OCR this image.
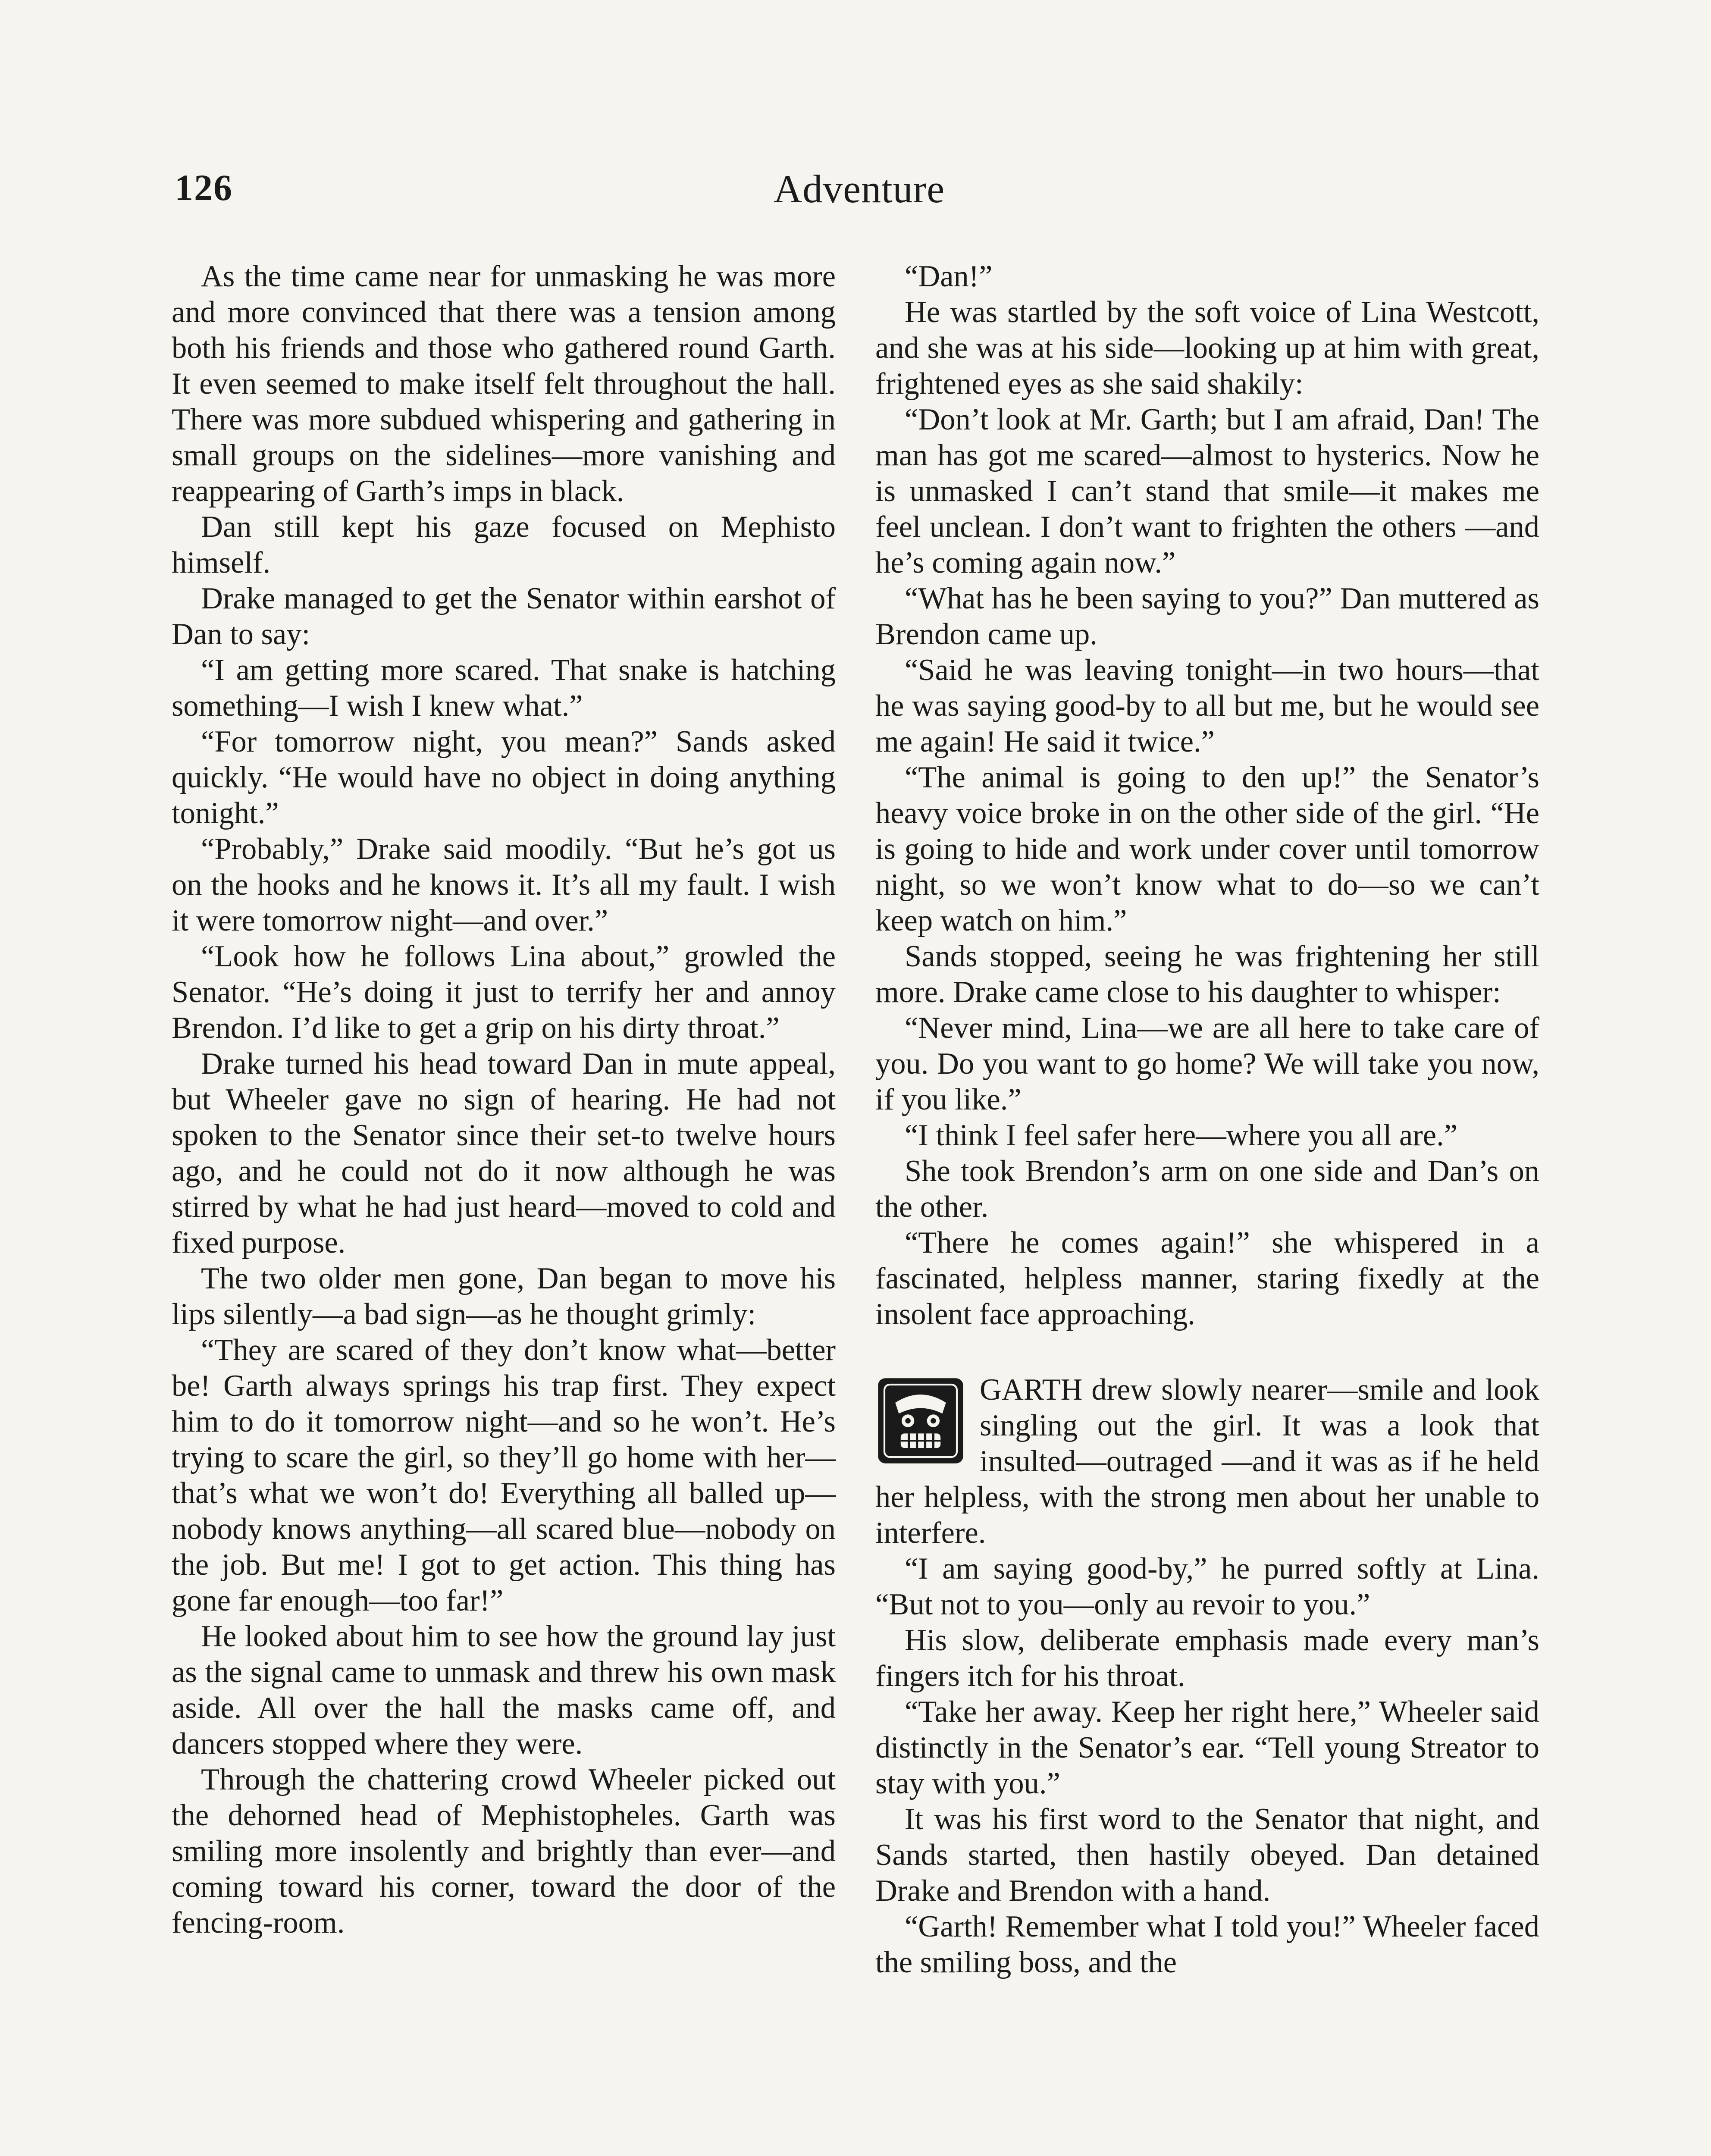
126	Adventure

As the time came near for unmasking he was more and more convinced that there was a tension among both his friends and those who gathered round Garth. It even seemed to make itself felt throughout the hall. There was more subdued whispering and gathering in small groups on the sidelines—more vanishing and reappearing of Garth’s imps in black.

Dan still kept his gaze focused on Mephisto himself.

Drake managed to get the Senator within earshot of Dan to say:

“I am getting more scared. That snake is hatching something—I wish I knew what.”

“For tomorrow night, you mean?” Sands asked quickly. “He would have no object in doing anything tonight.”

“Probably,” Drake said moodily. “But he’s got us on the hooks and he knows it. It’s all my fault. I wish it were tomorrow night—and over.”

“Look how he follows Lina about,” growled the Senator. “He’s doing it just to terrify her and annoy Brendon. I’d like to get a grip on his dirty throat.”

Drake turned his head toward Dan in mute appeal, but Wheeler gave no sign of hearing. He had not spoken to the Senator since their set-to twelve hours ago, and he could not do it now although he was stirred by what he had just heard—moved to cold and fixed purpose.

The two older men gone, Dan began to move his lips silently—a bad sign—as he thought grimly:

“They are scared of they don’t know what—better be! Garth always springs his trap first. They expect him to do it tomorrow night—and so he won’t. He’s trying to scare the girl, so they’ll go home with her—that’s what we won’t do! Everything all balled up—nobody knows anything—all scared blue—nobody on the job. But me! I got to get action. This thing has gone far enough—too far!”

He looked about him to see how the ground lay just as the signal came to unmask and threw his own mask aside. All over the hall the masks came off, and dancers stopped where they were.

Through the chattering crowd Wheeler picked out the dehorned head of Mephistopheles. Garth was smiling more insolently and brightly than ever—and coming toward his corner, toward the door of the fencing-room.

“Dan!”

He was startled by the soft voice of Lina Westcott, and she was at his side—looking up at him with great, frightened eyes as she said shakily:

“Don’t look at Mr. Garth; but I am afraid, Dan! The man has got me scared—almost to hysterics. Now he is unmasked I can’t stand that smile—it makes me feel unclean. I don’t want to frighten the others —and he’s coming again now.”

“What has he been saying to you?” Dan muttered as Brendon came up.

“Said he was leaving tonight—in two hours—that he was saying good-by to all but me, but he would see me again! He said it twice.”

“The animal is going to den up!” the Senator’s heavy voice broke in on the other side of the girl. “He is going to hide and work under cover until tomorrow night, so we won’t know what to do—so we can’t keep watch on him.”

Sands stopped, seeing he was frightening her still more. Drake came close to his daughter to whisper:

“Never mind, Lina—we are all here to take care of you. Do you want to go home? We will take you now, if you like.”

“I think I feel safer here—where you all are.”

She took Brendon’s arm on one side and Dan’s on the other.

“There he comes again!” she whispered in a fascinated, helpless manner, staring fixedly at the insolent face approaching.

GARTH drew slowly nearer—smile and look singling out the girl. It was a look that insulted—outraged —and it was as if he held her helpless, with the strong men about her unable to interfere.

“I am saying good-by,” he purred softly at Lina. “But not to you—only au revoir to you.”

His slow, deliberate emphasis made every man’s fingers itch for his throat.

“Take her away. Keep her right here,” Wheeler said distinctly in the Senator’s ear. “Tell young Streator to stay with you.”

It was his first word to the Senator that night, and Sands started, then hastily obeyed. Dan detained Drake and Brendon with a hand.

“Garth! Remember what I told you!” Wheeler faced the smiling boss, and the
